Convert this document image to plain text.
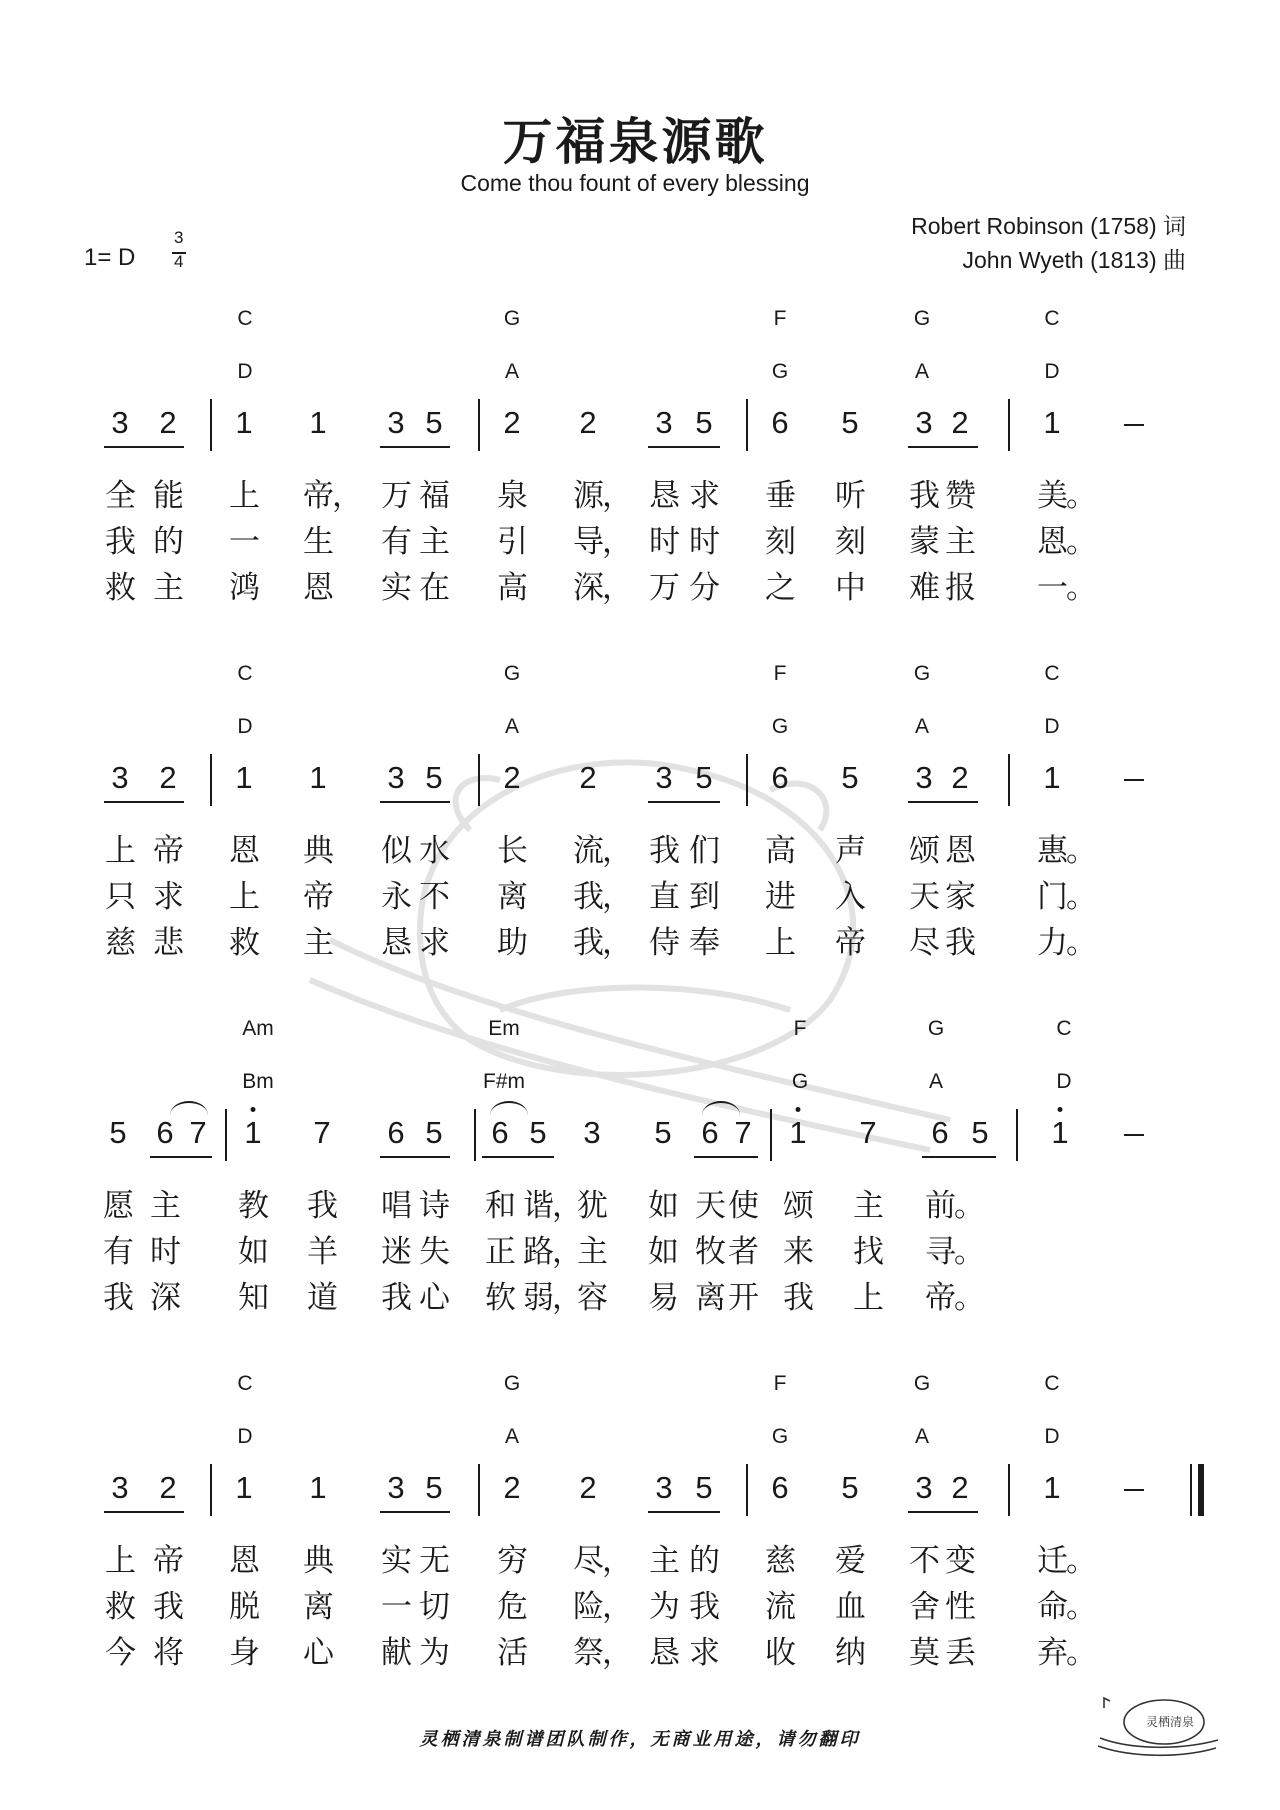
万福泉源歌
Come thou fount of every blessing
Robert Robinson (1758) 词
John Wyeth (1813) 曲
1= D
3
4
C	G	F	G	C
D	A	G	A	D
3 2 1 1 3 5 2 2 3 5 6 5 3 2 1
全 能 上 帝
， 万 福 泉 源
， 恳 求 垂 听 我 赞 美
。
我 的 一 生 有 主 引 导
， 时 时 刻 刻 蒙 主 恩
。
救 主 鸿 恩 实 在 高 深
， 万 分 之 中 难 报 一
。
C	G	F	G	C
D	A	G	A	D
3 2 1 1 3 5 2 2 3 5 6 5 3 2 1
上 帝 恩 典 似 水 长 流
， 我 们 高 声 颂 恩 惠
。
只 求 上 帝 永 不 离 我
， 直 到 进 入 天 家 门
。
慈 悲 救 主 恳 求 助 我
， 侍 奉 上 帝 尽 我 力
。
Am	Em	F	G	C
Bm	F#m	G	A	D
5 6 7 1 7 6 5 6 5 3 5 6 7 1 7 6 5 1
愿 主 教 我 唱 诗 和 谐
，
犹 如 天 使 颂 主 前
。
有 时 如 羊 迷 失 正 路
，
主 如 牧 者 来 找 寻
。
我 深 知 道 我 心 软 弱
，
容 易 离 开 我 上 帝
。
C	G	F	G	C
D	A	G	A	D
3 2 1 1 3 5 2 2 3 5 6 5 3 2 1
上 帝 恩 典 实 无 穷 尽
， 主 的 慈 爱 不 变 迁
。
救 我 脱 离 一 切 危 险
， 为 我 流 血 舍 性 命
。
今 将 身 心 献 为 活 祭
， 恳 求 收 纳 莫 丢 弃
。
灵栖清泉制谱团队制作，无商业用途，请勿翻印
灵栖清泉
